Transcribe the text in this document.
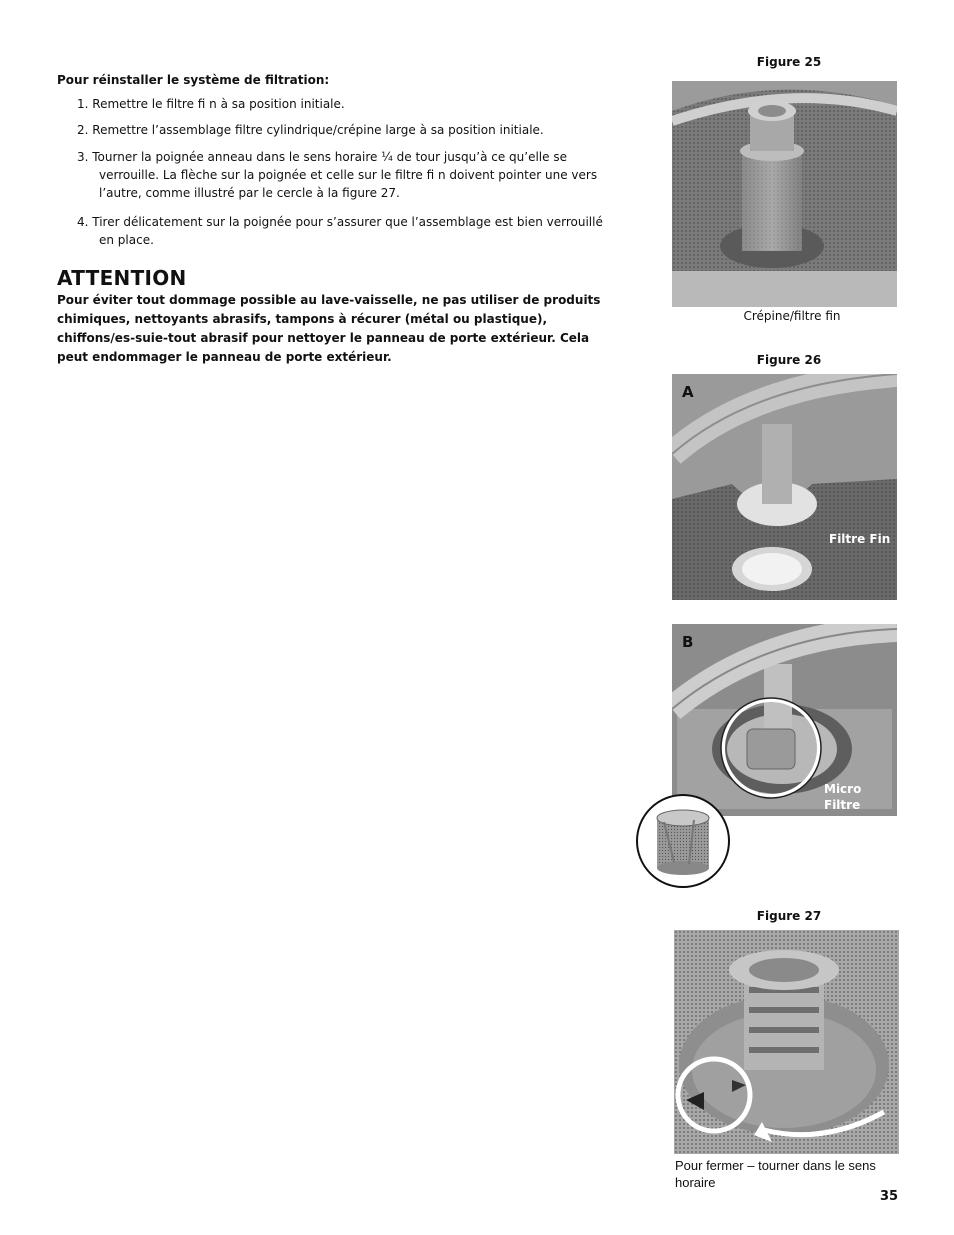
Pour réinstaller le système de filtration:
1. Remettre le filtre fi n à sa position initiale.
2. Remettre l’assemblage filtre cylindrique/crépine large à sa position initiale.
3. Tourner la poignée anneau dans le sens horaire ¼ de tour jusqu’à ce qu’elle se
verrouille. La flèche sur la poignée et celle sur le filtre fi n doivent pointer une vers l’autre, comme illustré par le cercle à la figure 27.
4. Tirer délicatement sur la poignée pour s’assurer que l’assemblage est bien verrouillé
en place.
ATTENTION
Pour éviter tout dommage possible au lave-vaisselle, ne pas utiliser de produits chimiques, nettoyants abrasifs, tampons à récurer (métal ou plastique), chiffons/es-suie-tout abrasif pour nettoyer le panneau de porte extérieur. Cela peut endommager le panneau de porte extérieur.
Figure 25
Crépine/filtre fin
Figure 26
A
Filtre Fin
B
Micro
Filtre
Figure 27
Pour fermer – tourner dans le sens horaire
35
